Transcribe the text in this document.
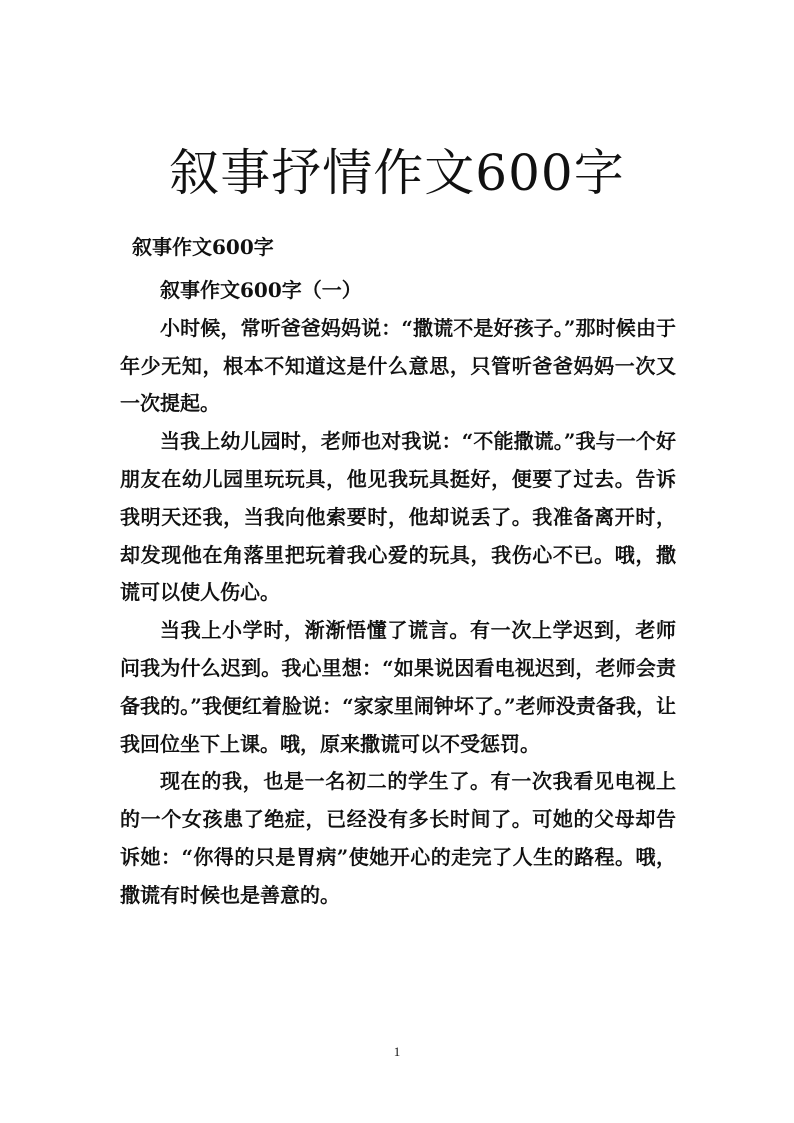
叙事抒情作文600字
叙事作文600字

叙事作文600字（一）

小时候，常听爸爸妈妈说：“撒谎不是好孩子。”那时候由于年少无知，根本不知道这是什么意思，只管听爸爸妈妈一次又一次提起。

当我上幼儿园时，老师也对我说：“不能撒谎。”我与一个好朋友在幼儿园里玩玩具，他见我玩具挺好，便要了过去。告诉我明天还我，当我向他索要时，他却说丢了。我准备离开时，却发现他在角落里把玩着我心爱的玩具，我伤心不已。哦，撒谎可以使人伤心。

当我上小学时，渐渐悟懂了谎言。有一次上学迟到，老师问我为什么迟到。我心里想：“如果说因看电视迟到，老师会责备我的。”我便红着脸说：“家家里闹钟坏了。”老师没责备我，让我回位坐下上课。哦，原来撒谎可以不受惩罚。

现在的我，也是一名初二的学生了。有一次我看见电视上的一个女孩患了绝症，已经没有多长时间了。可她的父母却告诉她：“你得的只是胃病”使她开心的走完了人生的路程。哦，撒谎有时候也是善意的。

1
